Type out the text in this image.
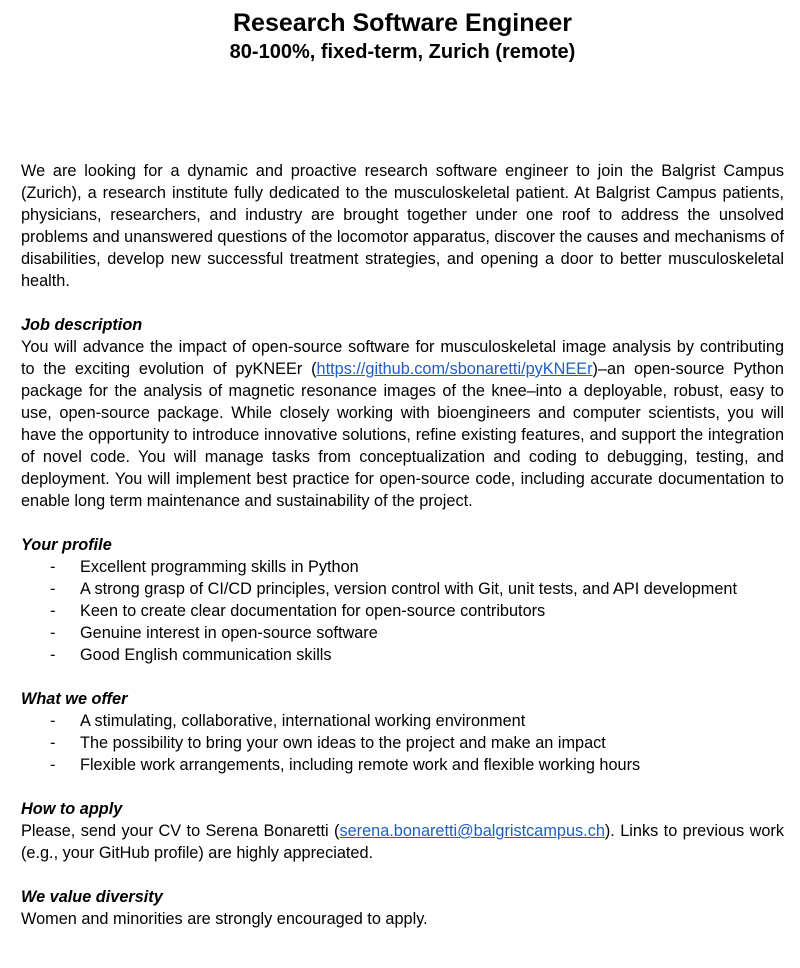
Research Software Engineer
80-100%, fixed-term, Zurich (remote)

We are looking for a dynamic and proactive research software engineer to join the Balgrist Campus (Zurich), a research institute fully dedicated to the musculoskeletal patient. At Balgrist Campus patients, physicians, researchers, and industry are brought together under one roof to address the unsolved problems and unanswered questions of the locomotor apparatus, discover the causes and mechanisms of disabilities, develop new successful treatment strategies, and opening a door to better musculoskeletal health.

Job description

You will advance the impact of open-source software for musculoskeletal image analysis by contributing to the exciting evolution of pyKNEEr (https://github.com/sbonaretti/pyKNEEr)–an open-source Python package for the analysis of magnetic resonance images of the knee–into a deployable, robust, easy to use, open-source package. While closely working with bioengineers and computer scientists, you will have the opportunity to introduce innovative solutions, refine existing features, and support the integration of novel code. You will manage tasks from conceptualization and coding to debugging, testing, and deployment. You will implement best practice for open-source code, including accurate documentation to enable long term maintenance and sustainability of the project.

Your profile
- Excellent programming skills in Python
- A strong grasp of CI/CD principles, version control with Git, unit tests, and API development
- Keen to create clear documentation for open-source contributors
- Genuine interest in open-source software
- Good English communication skills
What we offer
- A stimulating, collaborative, international working environment
- The possibility to bring your own ideas to the project and make an impact
- Flexible work arrangements, including remote work and flexible working hours
How to apply

Please, send your CV to Serena Bonaretti (serena.bonaretti@balgristcampus.ch). Links to previous work (e.g., your GitHub profile) are highly appreciated.

We value diversity

Women and minorities are strongly encouraged to apply.
